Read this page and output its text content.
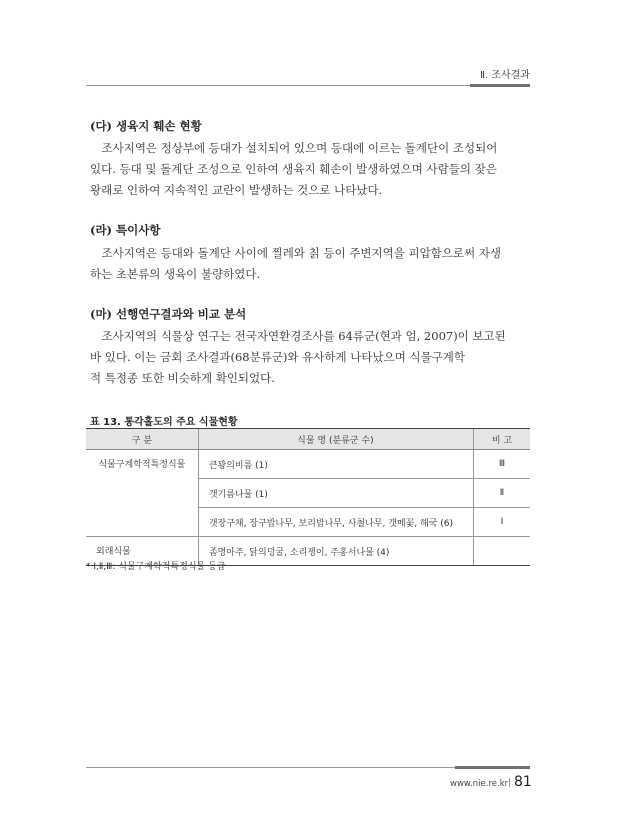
Ⅱ. 조사결과
(다) 생육지 훼손 현황

조사지역은 정상부에 등대가 설치되어 있으며 등대에 이르는 돌계단이 조성되어

있다. 등대 및 돌계단 조성으로 인하여 생육지 훼손이 발생하였으며 사람들의 잦은

왕래로 인하여 지속적인 교란이 발생하는 것으로 나타났다.

(라) 특이사항

조사지역은 등대와 돌계단 사이에 찔레와 칡 등이 주변지역을 피압함으로써 자생

하는 초본류의 생육이 불량하였다.

(마) 선행연구결과와 비교 분석

조사지역의 식물상 연구는 전국자연환경조사를 64류군(현과 엄, 2007)이 보고된

바 있다. 이는 금회 조사결과(68분류군)와 유사하게 나타났으며 식물구계학

적 특정종 또한 비슷하게 확인되었다.

표 13. 통각홀도의 주요 식물현황
구 분	식물 명 (분류군 수)	비 고
식물구계학적특정식물	큰꽝의비름 (1)	Ⅲ
	갯기름나물 (1)	Ⅱ
	갯장구채, 장구밥나무, 보리밥나무, 사철나무, 갯메꽃, 해국 (6)	Ⅰ
외래식물	좀명아주, 닭의덩굴, 소리쟁이, 주홍서나물 (4)	
* Ⅰ,Ⅱ,Ⅲ: 식물구계학적특정식물 등급
www.nie.re.kr | 81
